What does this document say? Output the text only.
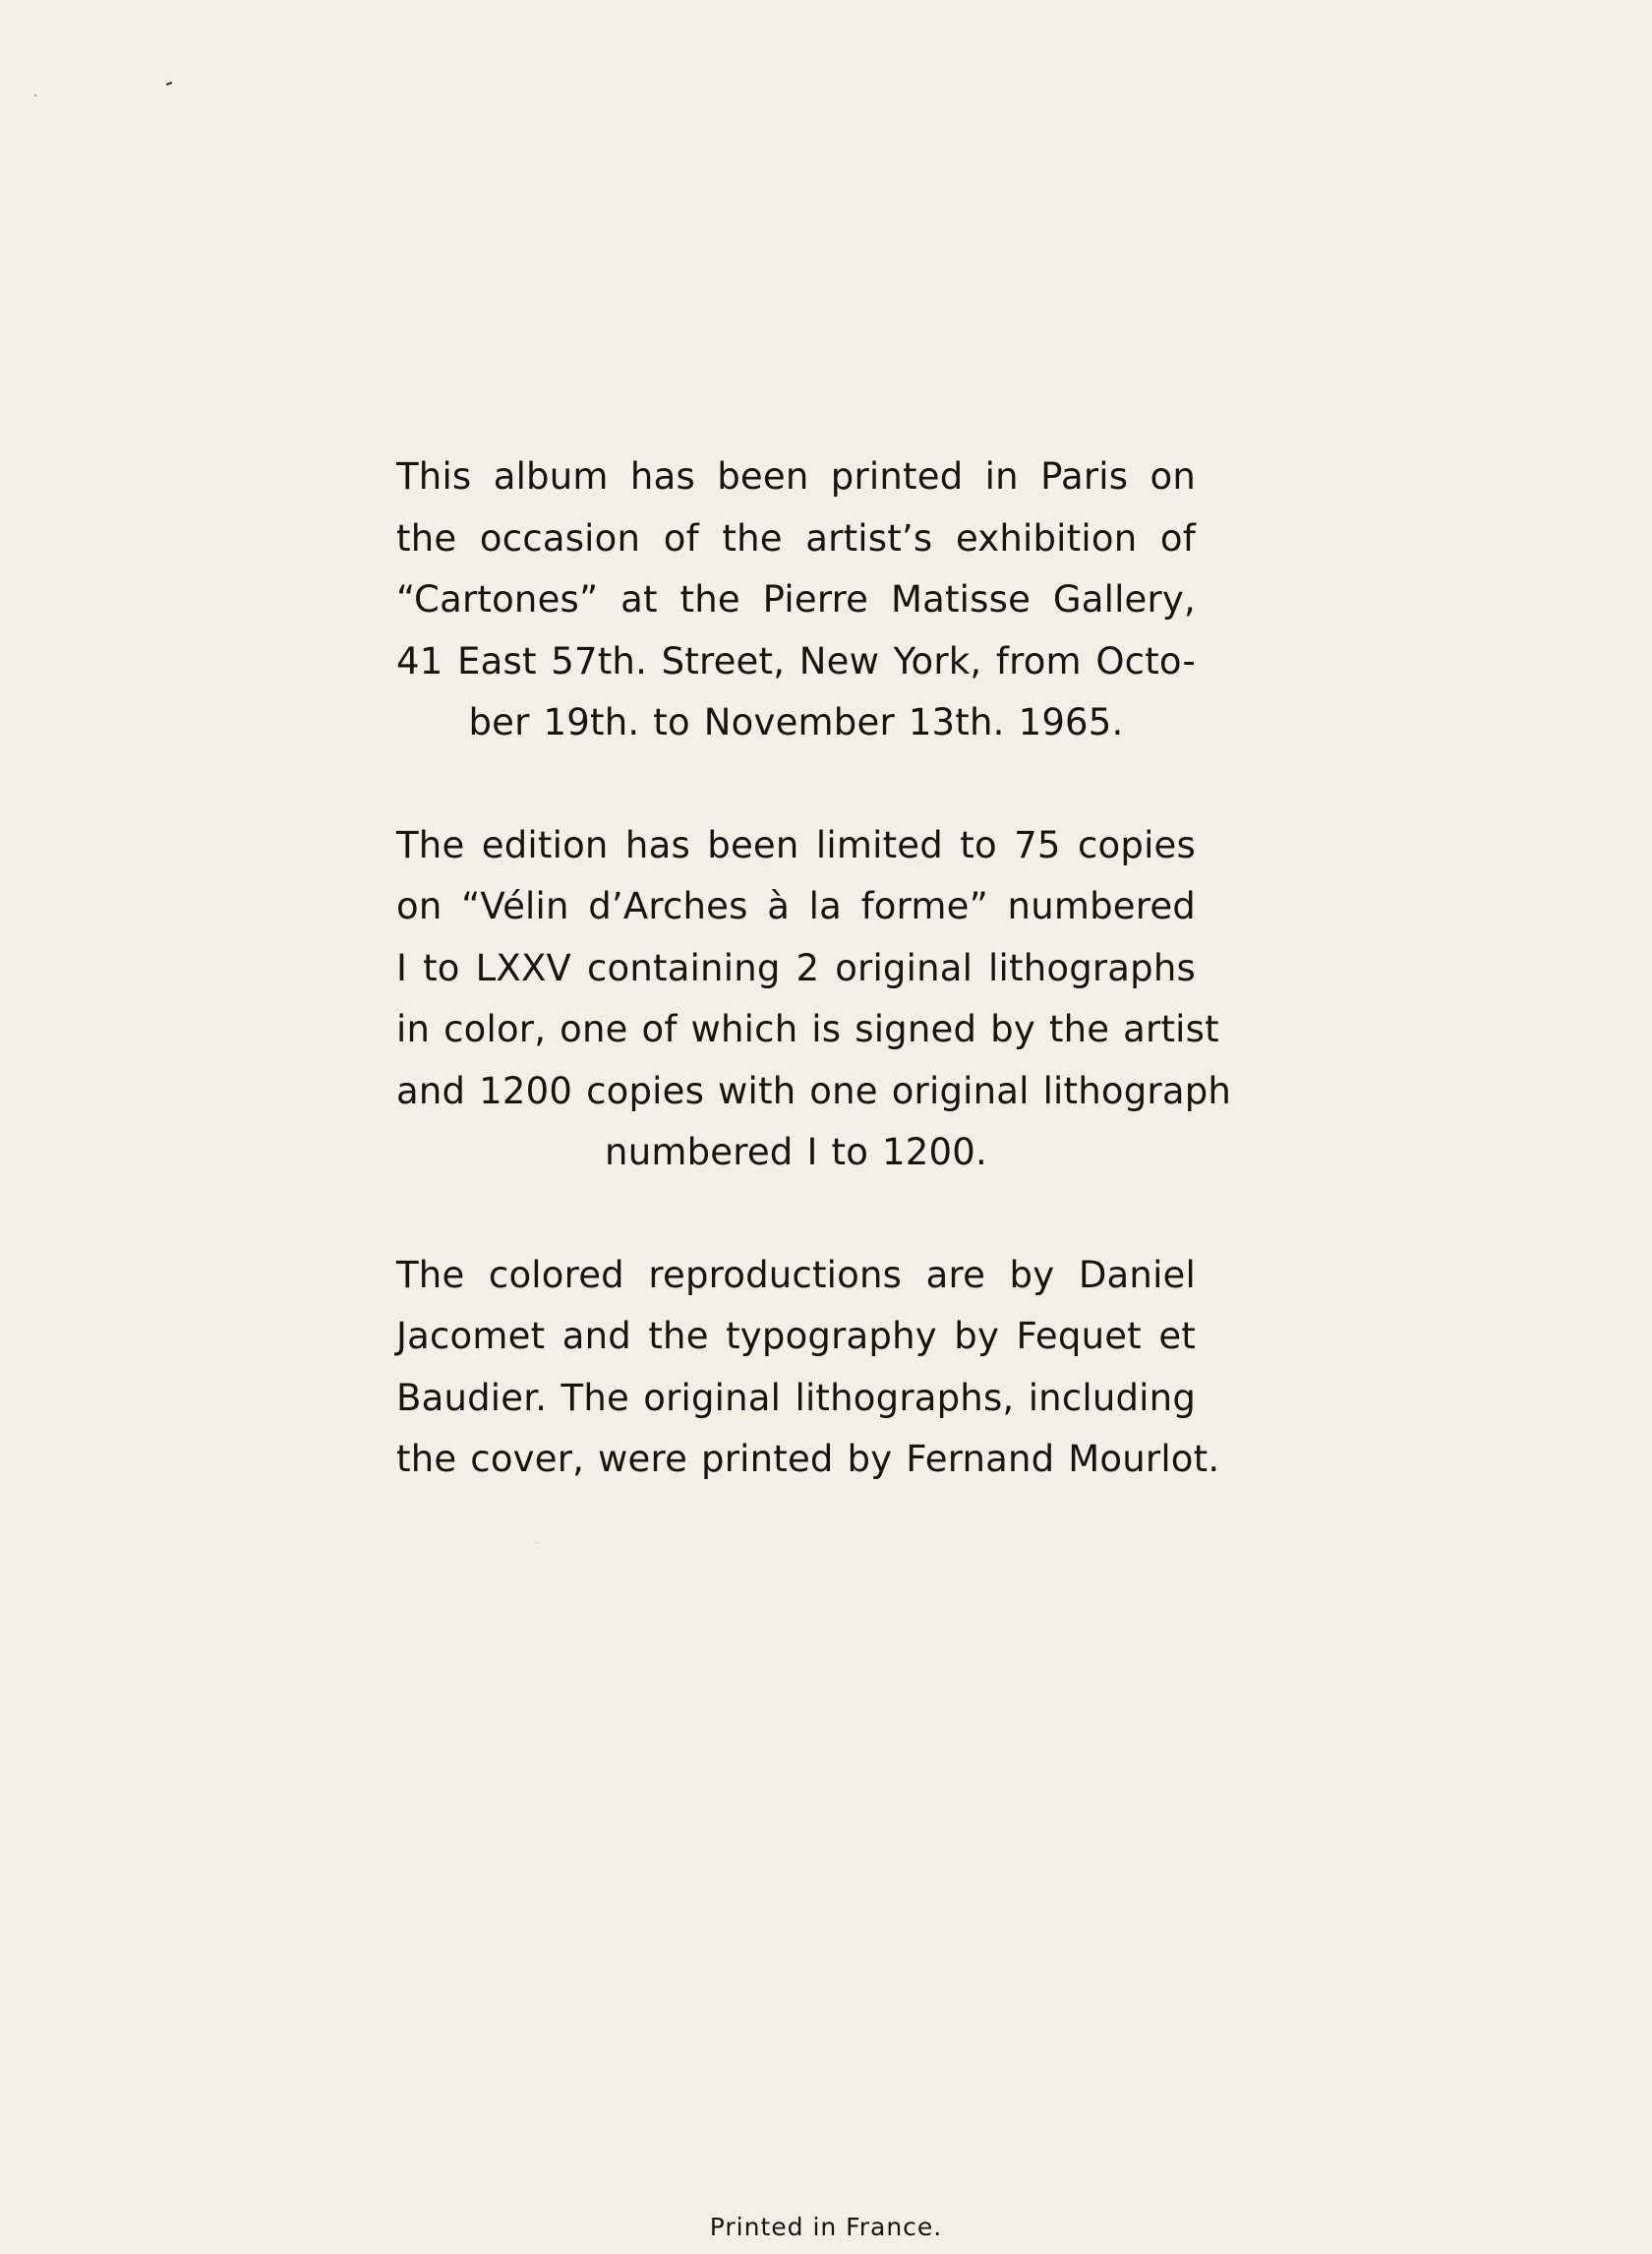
This album has been printed in Paris on
the occasion of the artist’s exhibition of
“Cartones” at the Pierre Matisse Gallery,
41 East 57th. Street, New York, from Octo-
ber 19th. to November 13th. 1965.

The edition has been limited to 75 copies
on “Vélin d’Arches à la forme” numbered
I to LXXV containing 2 original lithographs
in color, one of which is signed by the artist
and 1200 copies with one original lithograph
numbered I to 1200.

The colored reproductions are by Daniel
Jacomet and the typography by Fequet et
Baudier. The original lithographs, including
the cover, were printed by Fernand Mourlot.

Printed in France.
